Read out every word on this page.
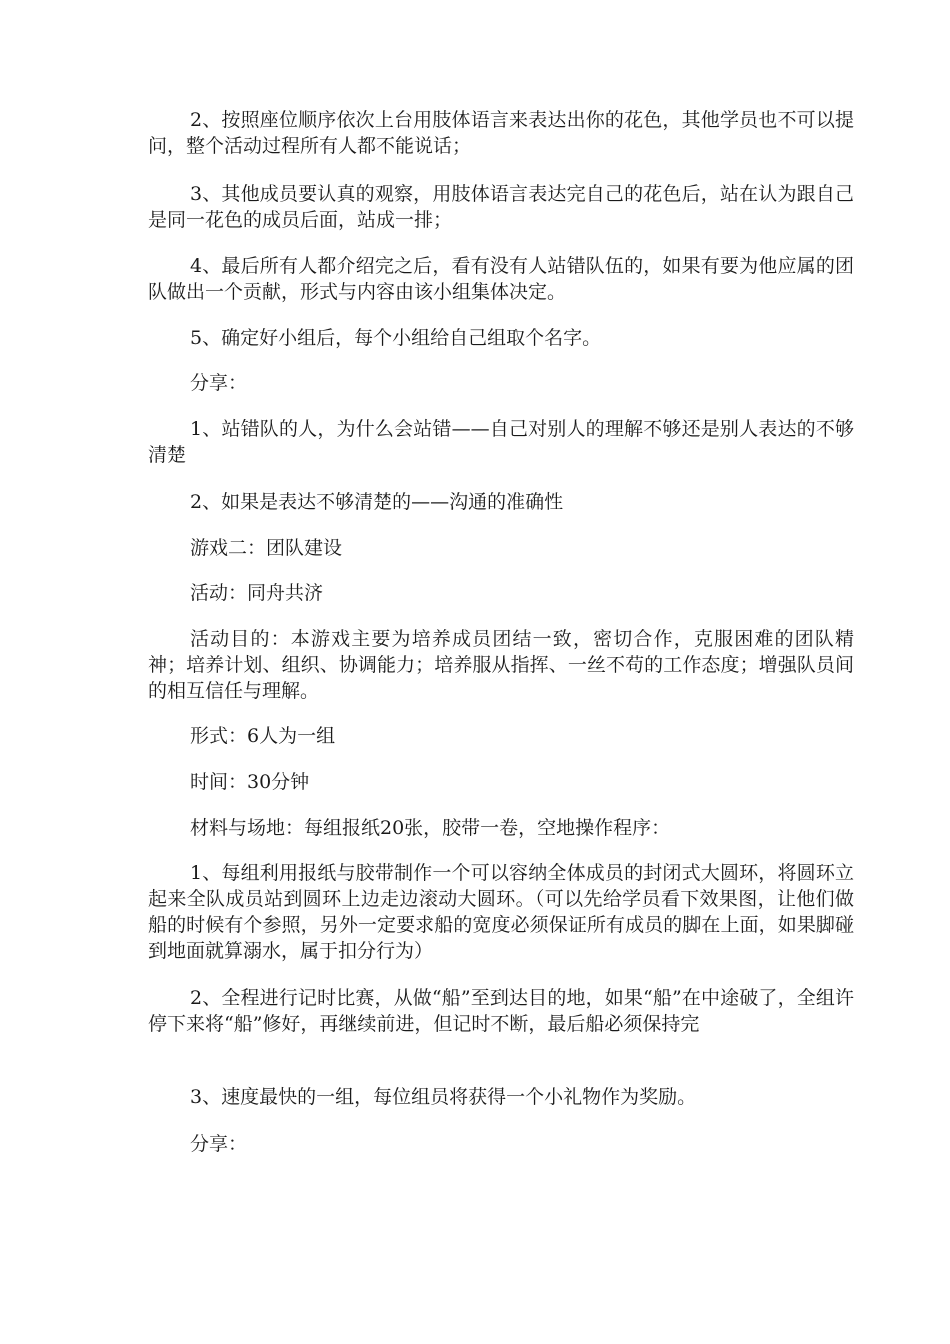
2、按照座位顺序依次上台用肢体语言来表达出你的花色，其他学员也不可以提问，整个活动过程所有人都不能说话；

3、其他成员要认真的观察，用肢体语言表达完自己的花色后，站在认为跟自己是同一花色的成员后面，站成一排；

4、最后所有人都介绍完之后，看有没有人站错队伍的，如果有要为他应属的团队做出一个贡献，形式与内容由该小组集体决定。

5、确定好小组后，每个小组给自己组取个名字。

分享：

1、站错队的人，为什么会站错——自己对别人的理解不够还是别人表达的不够清楚

2、如果是表达不够清楚的——沟通的准确性

游戏二：团队建设

活动：同舟共济

活动目的：本游戏主要为培养成员团结一致，密切合作，克服困难的团队精神；培养计划、组织、协调能力；培养服从指挥、一丝不苟的工作态度；增强队员间的相互信任与理解。

形式：6人为一组

时间：30分钟

材料与场地：每组报纸20张，胶带一卷，空地操作程序：

1、每组利用报纸与胶带制作一个可以容纳全体成员的封闭式大圆环，将圆环立起来全队成员站到圆环上边走边滚动大圆环。（可以先给学员看下效果图，让他们做船的时候有个参照，另外一定要求船的宽度必须保证所有成员的脚在上面，如果脚碰到地面就算溺水，属于扣分行为）

2、全程进行记时比赛，从做“船”至到达目的地，如果“船”在中途破了，全组许停下来将“船”修好，再继续前进，但记时不断，最后船必须保持完

3、速度最快的一组，每位组员将获得一个小礼物作为奖励。

分享：
